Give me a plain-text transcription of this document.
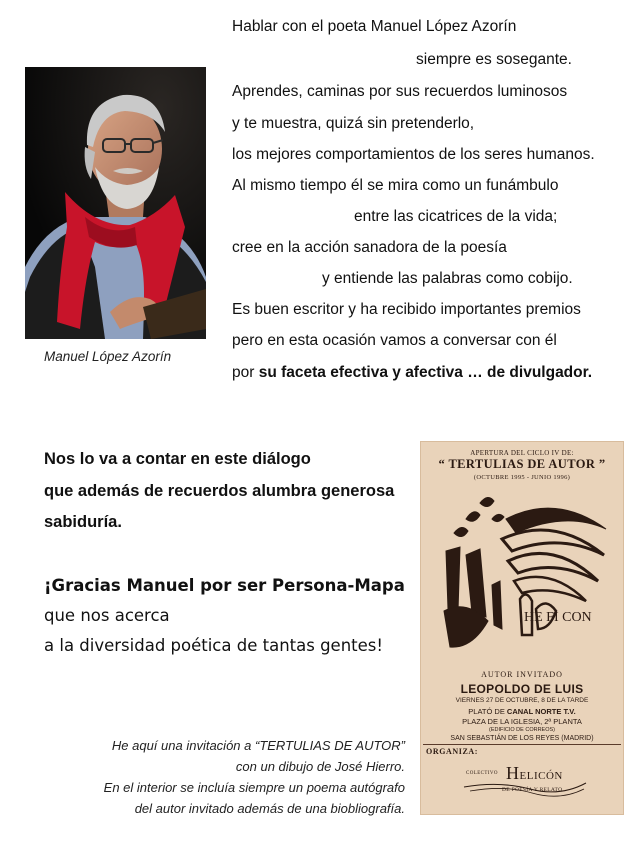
Manuel López Azorín
Hablar con el poeta Manuel López Azorín
siempre es sosegante.
Aprendes, caminas por sus recuerdos luminosos
y te muestra, quizá sin pretenderlo,
los mejores comportamientos de los seres humanos.
Al mismo tiempo él se mira como un funámbulo
entre las cicatrices de la vida;
cree en la acción sanadora de la poesía
y entiende las palabras como cobijo.
Es buen escritor y ha recibido importantes premios
pero en esta ocasión vamos a conversar con él
por su faceta efectiva y afectiva … de divulgador.
Nos lo va a contar en este diálogo
que además de recuerdos alumbra generosa
sabiduría.
¡Gracias Manuel por ser Persona-Mapa
que nos acerca
a la diversidad poética de tantas gentes!
He aquí una invitación a “TERTULIAS DE AUTOR”
con un dibujo de José Hierro.
En el interior se incluía siempre un poema autógrafo
del autor invitado además de una biobliografía.
APERTURA DEL CICLO IV DE:
“ TERTULIAS DE AUTOR ”
(OCTUBRE 1995 - JUNIO 1996)
HE FI CON
AUTOR INVITADO
LEOPOLDO DE LUIS
VIERNES 27 DE OCTUBRE, 8 DE LA TARDE
PLATÓ DE CANAL NORTE T.V.
PLAZA DE LA IGLESIA, 2ª PLANTA
(EDIFICIO DE CORREOS)
SAN SEBASTIÁN DE LOS REYES (MADRID)
ORGANIZA:
COLECTIVO HELICÓN
DE POESÍA Y RELATO
